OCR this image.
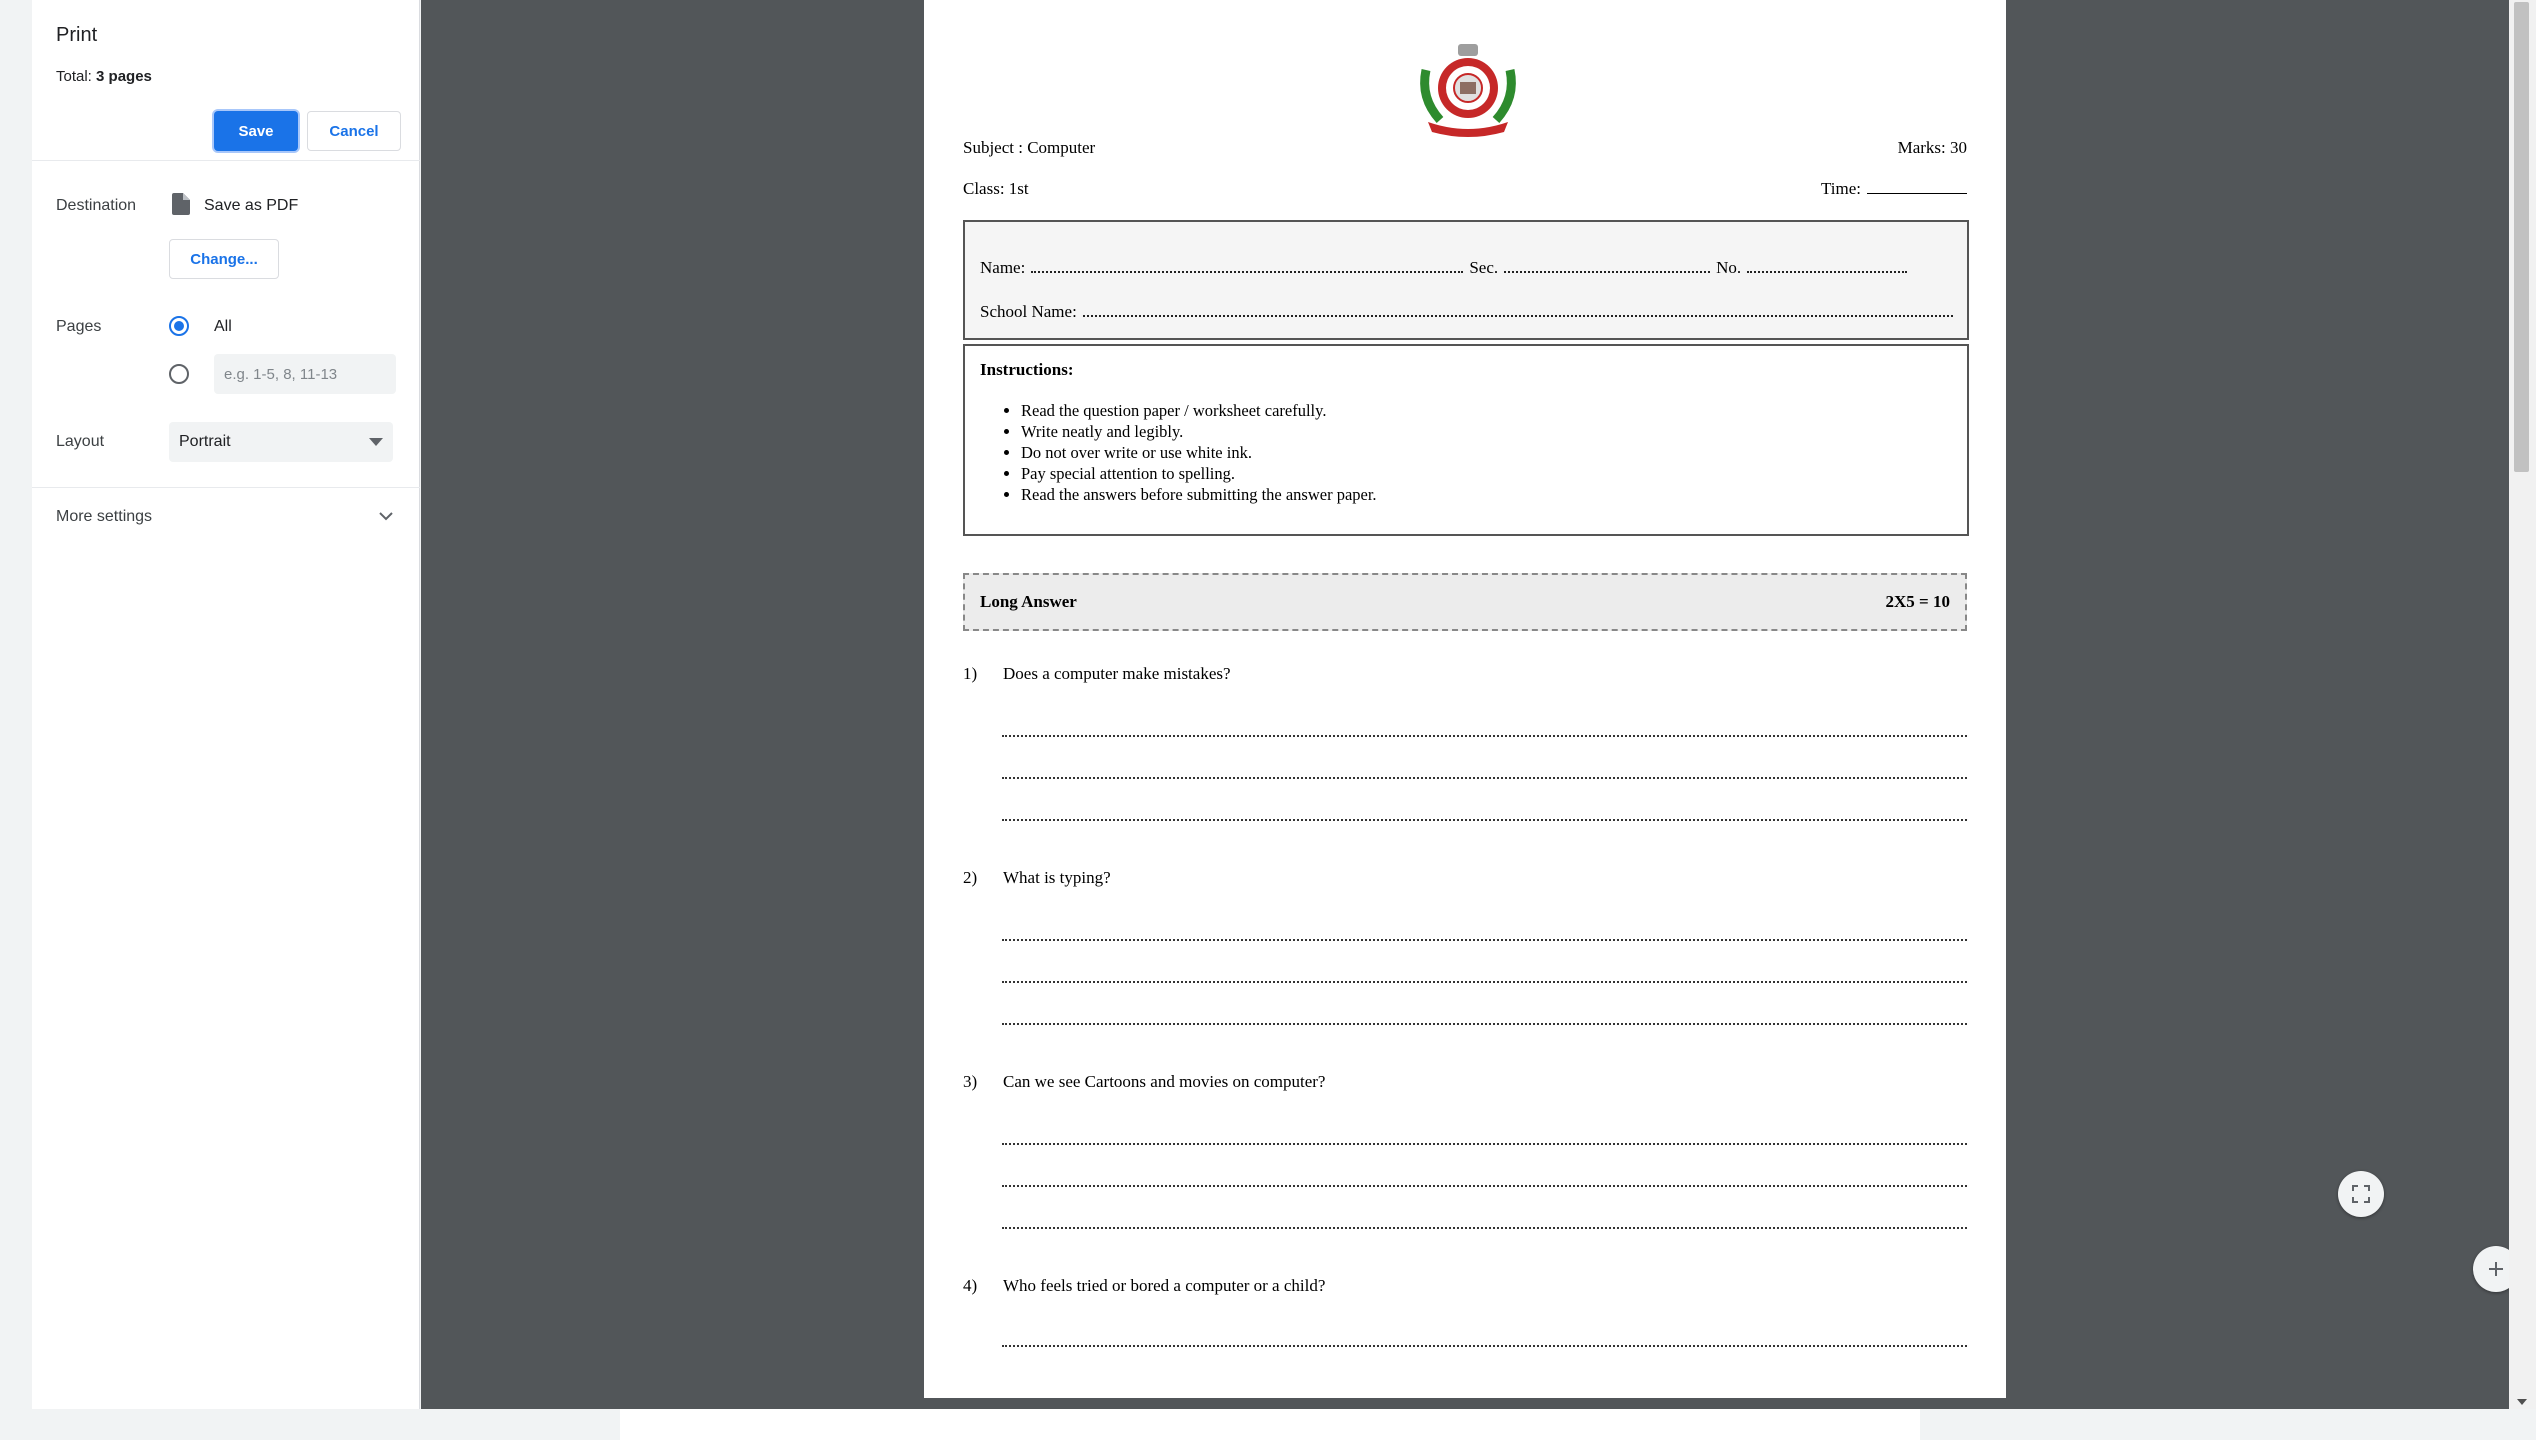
Print
Total: 3 pages
Save	Cancel
Destination	Save as PDF
Change...
Pages	All
e.g. 1-5, 8, 11-13
Layout	Portrait
More settings
Subject : Computer	Marks: 30
Class: 1st	Time:
Name:	Sec.	No.
School Name:
Instructions:
• Read the question paper / worksheet carefully.
• Write neatly and legibly.
• Do not over write or use white ink.
• Pay special attention to spelling.
• Read the answers before submitting the answer paper.
Long Answer	2X5 = 10
1) Does a computer make mistakes?
2) What is typing?
3) Can we see Cartoons and movies on computer?
4) Who feels tried or bored a computer or a child?
